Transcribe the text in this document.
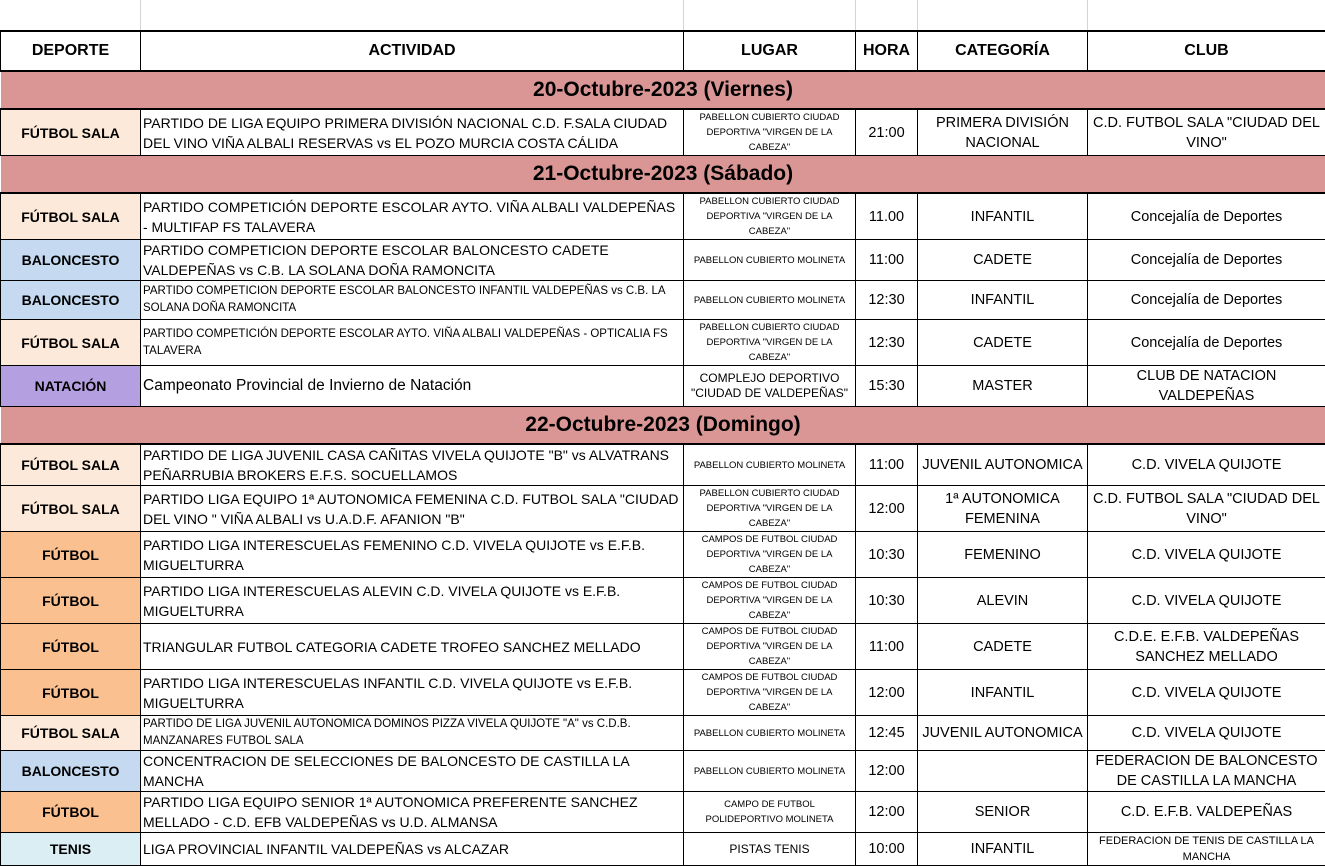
DEPORTE	ACTIVIDAD	LUGAR	HORA	CATEGORÍA	CLUB
20-Octubre-2023 (Viernes)					
FÚTBOL SALA	PARTIDO DE LIGA EQUIPO PRIMERA DIVISIÓN NACIONAL C.D. F.SALA CIUDAD DEL VINO VIÑA ALBALI RESERVAS vs EL POZO MURCIA COSTA CÁLIDA	PABELLON CUBIERTO CIUDAD DEPORTIVA "VIRGEN DE LA CABEZA"	21:00	PRIMERA DIVISIÓN NACIONAL	C.D. FUTBOL SALA "CIUDAD DEL VINO"
21-Octubre-2023 (Sábado)					
FÚTBOL SALA	PARTIDO COMPETICIÓN DEPORTE ESCOLAR AYTO. VIÑA ALBALI VALDEPEÑAS - MULTIFAP FS TALAVERA	PABELLON CUBIERTO CIUDAD DEPORTIVA "VIRGEN DE LA CABEZA"	11.00	INFANTIL	Concejalía de Deportes
BALONCESTO	PARTIDO COMPETICION DEPORTE ESCOLAR BALONCESTO CADETE VALDEPEÑAS vs C.B. LA SOLANA DOÑA RAMONCITA	PABELLON CUBIERTO MOLINETA	11:00	CADETE	Concejalía de Deportes
BALONCESTO	PARTIDO COMPETICION DEPORTE ESCOLAR BALONCESTO INFANTIL VALDEPEÑAS vs C.B. LA SOLANA DOÑA RAMONCITA	PABELLON CUBIERTO MOLINETA	12:30	INFANTIL	Concejalía de Deportes
FÚTBOL SALA	PARTIDO COMPETICIÓN DEPORTE ESCOLAR AYTO. VIÑA ALBALI VALDEPEÑAS - OPTICALIA FS TALAVERA	PABELLON CUBIERTO CIUDAD DEPORTIVA "VIRGEN DE LA CABEZA"	12:30	CADETE	Concejalía de Deportes
NATACIÓN	Campeonato Provincial de Invierno de Natación	COMPLEJO DEPORTIVO "CIUDAD DE VALDEPEÑAS"	15:30	MASTER	CLUB DE NATACION VALDEPEÑAS
22-Octubre-2023 (Domingo)					
FÚTBOL SALA	PARTIDO DE LIGA JUVENIL CASA CAÑITAS VIVELA QUIJOTE "B" vs ALVATRANS PEÑARRUBIA BROKERS E.F.S. SOCUELLAMOS	PABELLON CUBIERTO MOLINETA	11:00	JUVENIL AUTONOMICA	C.D. VIVELA QUIJOTE
FÚTBOL SALA	PARTIDO LIGA EQUIPO 1ª AUTONOMICA FEMENINA C.D. FUTBOL SALA "CIUDAD DEL VINO " VIÑA ALBALI vs U.A.D.F. AFANION "B"	PABELLON CUBIERTO CIUDAD DEPORTIVA "VIRGEN DE LA CABEZA"	12:00	1ª AUTONOMICA FEMENINA	C.D. FUTBOL SALA "CIUDAD DEL VINO"
FÚTBOL	PARTIDO LIGA INTERESCUELAS FEMENINO C.D. VIVELA QUIJOTE vs E.F.B. MIGUELTURRA	CAMPOS DE FUTBOL CIUDAD DEPORTIVA "VIRGEN DE LA CABEZA"	10:30	FEMENINO	C.D. VIVELA QUIJOTE
FÚTBOL	PARTIDO LIGA INTERESCUELAS ALEVIN C.D. VIVELA QUIJOTE vs E.F.B. MIGUELTURRA	CAMPOS DE FUTBOL CIUDAD DEPORTIVA "VIRGEN DE LA CABEZA"	10:30	ALEVIN	C.D. VIVELA QUIJOTE
FÚTBOL	TRIANGULAR FUTBOL CATEGORIA CADETE TROFEO SANCHEZ MELLADO	CAMPOS DE FUTBOL CIUDAD DEPORTIVA "VIRGEN DE LA CABEZA"	11:00	CADETE	C.D.E. E.F.B. VALDEPEÑAS SANCHEZ MELLADO
FÚTBOL	PARTIDO LIGA INTERESCUELAS INFANTIL C.D. VIVELA QUIJOTE vs E.F.B. MIGUELTURRA	CAMPOS DE FUTBOL CIUDAD DEPORTIVA "VIRGEN DE LA CABEZA"	12:00	INFANTIL	C.D. VIVELA QUIJOTE
FÚTBOL SALA	PARTIDO DE LIGA JUVENIL AUTONOMICA DOMINOS PIZZA VIVELA QUIJOTE "A" vs C.D.B. MANZANARES FUTBOL SALA	PABELLON CUBIERTO MOLINETA	12:45	JUVENIL AUTONOMICA	C.D. VIVELA QUIJOTE
BALONCESTO	CONCENTRACION DE SELECCIONES DE BALONCESTO DE CASTILLA LA MANCHA	PABELLON CUBIERTO MOLINETA	12:00		FEDERACION DE BALONCESTO DE CASTILLA LA MANCHA
FÚTBOL	PARTIDO LIGA EQUIPO SENIOR 1ª AUTONOMICA PREFERENTE SANCHEZ MELLADO - C.D. EFB VALDEPEÑAS vs U.D. ALMANSA	CAMPO DE FUTBOL POLIDEPORTIVO MOLINETA	12:00	SENIOR	C.D. E.F.B. VALDEPEÑAS
TENIS	LIGA PROVINCIAL INFANTIL VALDEPEÑAS vs ALCAZAR	PISTAS TENIS	10:00	INFANTIL	FEDERACION DE TENIS DE CASTILLA LA MANCHA
